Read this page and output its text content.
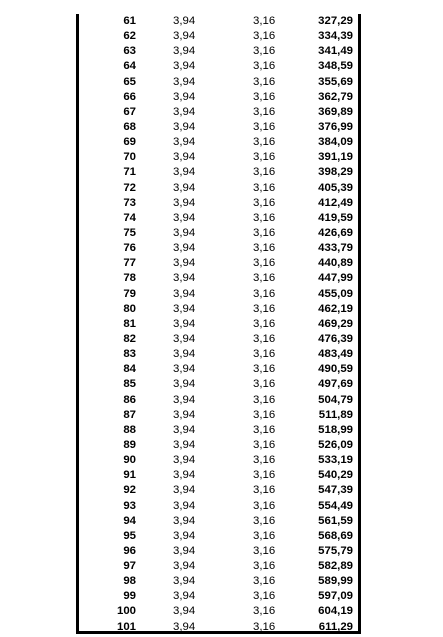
61	3,94	3,16	327,29
62	3,94	3,16	334,39
63	3,94	3,16	341,49
64	3,94	3,16	348,59
65	3,94	3,16	355,69
66	3,94	3,16	362,79
67	3,94	3,16	369,89
68	3,94	3,16	376,99
69	3,94	3,16	384,09
70	3,94	3,16	391,19
71	3,94	3,16	398,29
72	3,94	3,16	405,39
73	3,94	3,16	412,49
74	3,94	3,16	419,59
75	3,94	3,16	426,69
76	3,94	3,16	433,79
77	3,94	3,16	440,89
78	3,94	3,16	447,99
79	3,94	3,16	455,09
80	3,94	3,16	462,19
81	3,94	3,16	469,29
82	3,94	3,16	476,39
83	3,94	3,16	483,49
84	3,94	3,16	490,59
85	3,94	3,16	497,69
86	3,94	3,16	504,79
87	3,94	3,16	511,89
88	3,94	3,16	518,99
89	3,94	3,16	526,09
90	3,94	3,16	533,19
91	3,94	3,16	540,29
92	3,94	3,16	547,39
93	3,94	3,16	554,49
94	3,94	3,16	561,59
95	3,94	3,16	568,69
96	3,94	3,16	575,79
97	3,94	3,16	582,89
98	3,94	3,16	589,99
99	3,94	3,16	597,09
100	3,94	3,16	604,19
101	3,94	3,16	611,29
